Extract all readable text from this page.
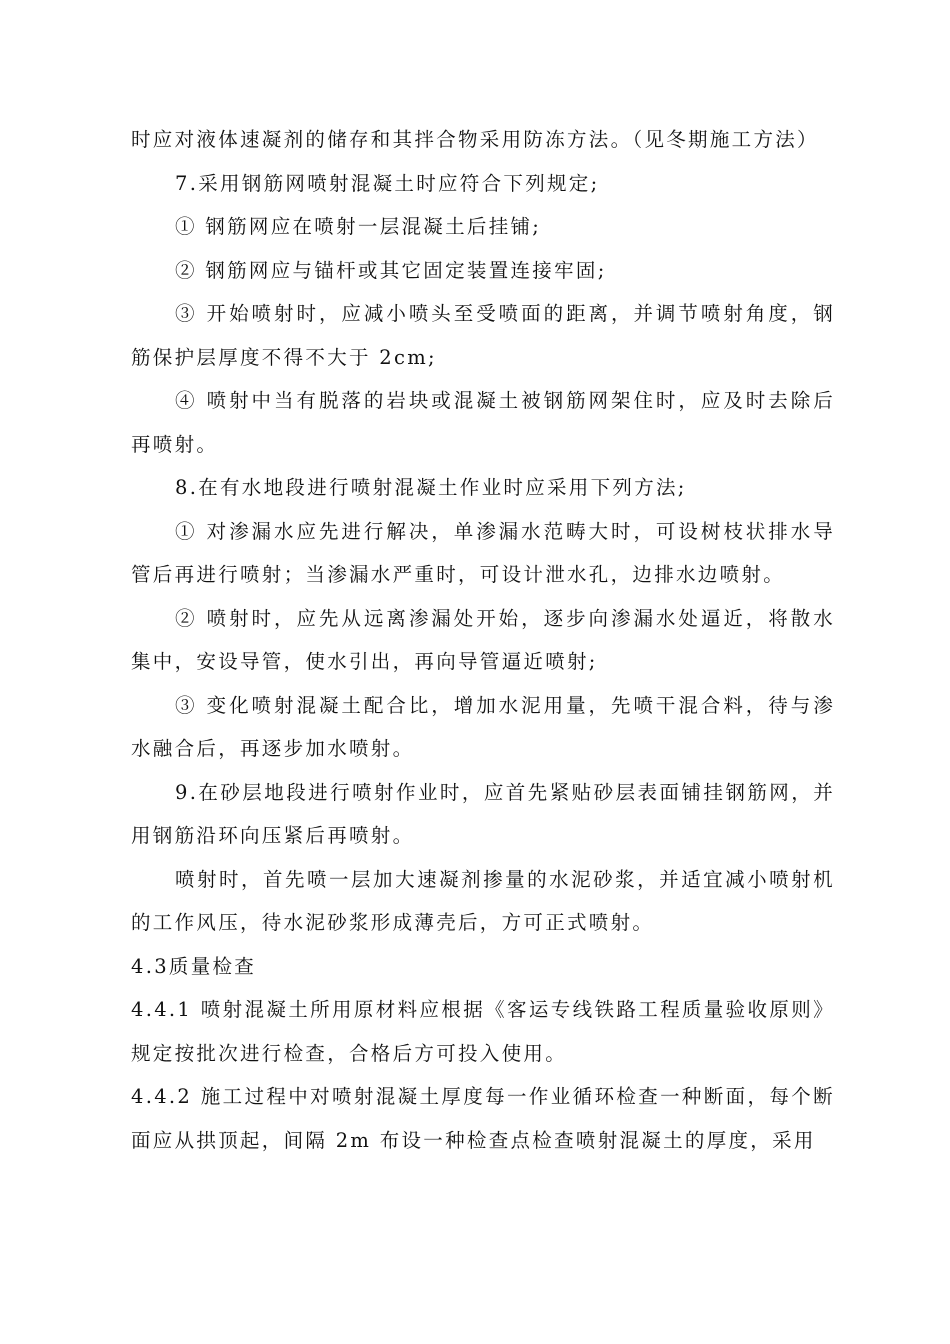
时应对液体速凝剂的储存和其拌合物采用防冻方法。（见冬期施工方法）

7.采用钢筋网喷射混凝土时应符合下列规定;

① 钢筋网应在喷射一层混凝土后挂铺;

② 钢筋网应与锚杆或其它固定装置连接牢固;

③ 开始喷射时，应减小喷头至受喷面的距离，并调节喷射角度，钢筋保护层厚度不得不大于 2cm;

④ 喷射中当有脱落的岩块或混凝土被钢筋网架住时，应及时去除后再喷射。

8.在有水地段进行喷射混凝土作业时应采用下列方法;

① 对渗漏水应先进行解决，单渗漏水范畴大时，可设树枝状排水导管后再进行喷射；当渗漏水严重时，可设计泄水孔，边排水边喷射。

② 喷射时，应先从远离渗漏处开始，逐步向渗漏水处逼近，将散水集中，安设导管，使水引出，再向导管逼近喷射;

③ 变化喷射混凝土配合比，增加水泥用量，先喷干混合料，待与渗水融合后，再逐步加水喷射。

9.在砂层地段进行喷射作业时，应首先紧贴砂层表面铺挂钢筋网，并用钢筋沿环向压紧后再喷射。

喷射时，首先喷一层加大速凝剂掺量的水泥砂浆，并适宜减小喷射机的工作风压，待水泥砂浆形成薄壳后，方可正式喷射。

4.3质量检查

4.4.1 喷射混凝土所用原材料应根据《客运专线铁路工程质量验收原则》规定按批次进行检查，合格后方可投入使用。

4.4.2 施工过程中对喷射混凝土厚度每一作业循环检查一种断面，每个断面应从拱顶起，间隔 2m 布设一种检查点检查喷射混凝土的厚度，采用
